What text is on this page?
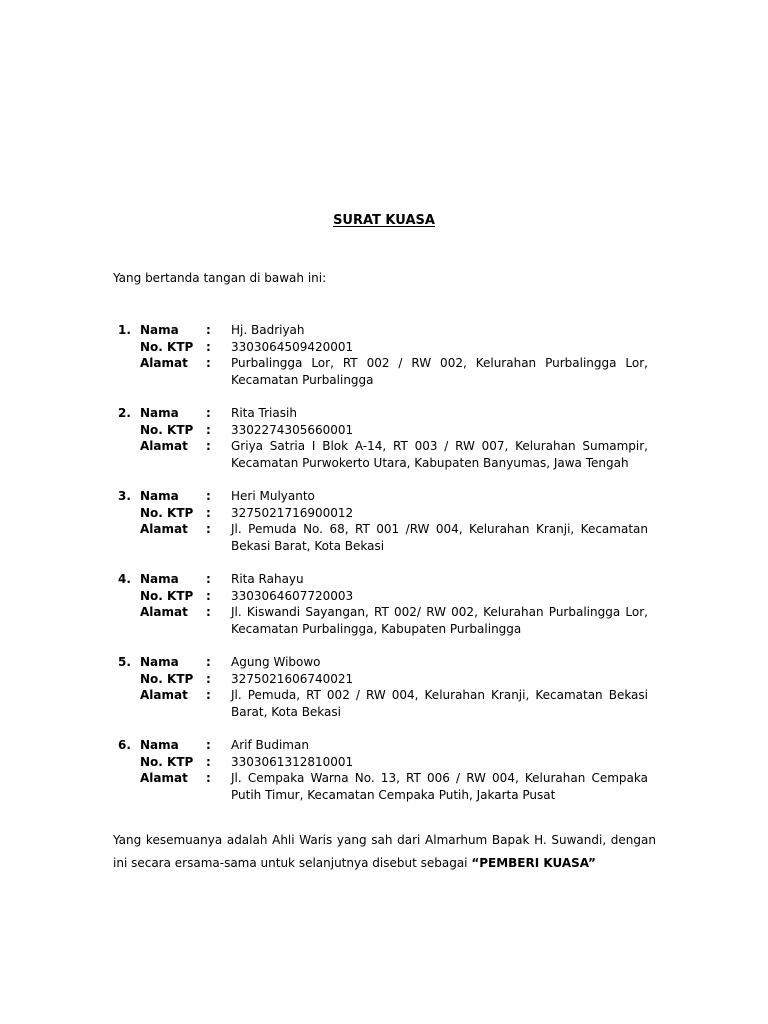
SURAT KUASA
Yang bertanda tangan di bawah ini:
1. Nama : Hj. Badriyah
No. KTP : 3303064509420001
Alamat : Purbalingga Lor, RT 002 / RW 002, Kelurahan Purbalingga Lor, Kecamatan Purbalingga
2. Nama : Rita Triasih
No. KTP : 3302274305660001
Alamat : Griya Satria I Blok A-14, RT 003 / RW 007, Kelurahan Sumampir, Kecamatan Purwokerto Utara, Kabupaten Banyumas, Jawa Tengah
3. Nama : Heri Mulyanto
No. KTP : 3275021716900012
Alamat : Jl. Pemuda No. 68, RT 001 /RW 004, Kelurahan Kranji, Kecamatan Bekasi Barat, Kota Bekasi
4. Nama : Rita Rahayu
No. KTP : 3303064607720003
Alamat : Jl. Kiswandi Sayangan, RT 002/ RW 002, Kelurahan Purbalingga Lor, Kecamatan Purbalingga, Kabupaten Purbalingga
5. Nama : Agung Wibowo
No. KTP : 3275021606740021
Alamat : Jl. Pemuda, RT 002 / RW 004, Kelurahan Kranji, Kecamatan Bekasi Barat, Kota Bekasi
6. Nama : Arif Budiman
No. KTP : 3303061312810001
Alamat : Jl. Cempaka Warna No. 13, RT 006 / RW 004, Kelurahan Cempaka Putih Timur, Kecamatan Cempaka Putih, Jakarta Pusat
Yang kesemuanya adalah Ahli Waris yang sah dari Almarhum Bapak H. Suwandi, dengan ini secara ersama-sama untuk selanjutnya disebut sebagai “PEMBERI KUASA”
